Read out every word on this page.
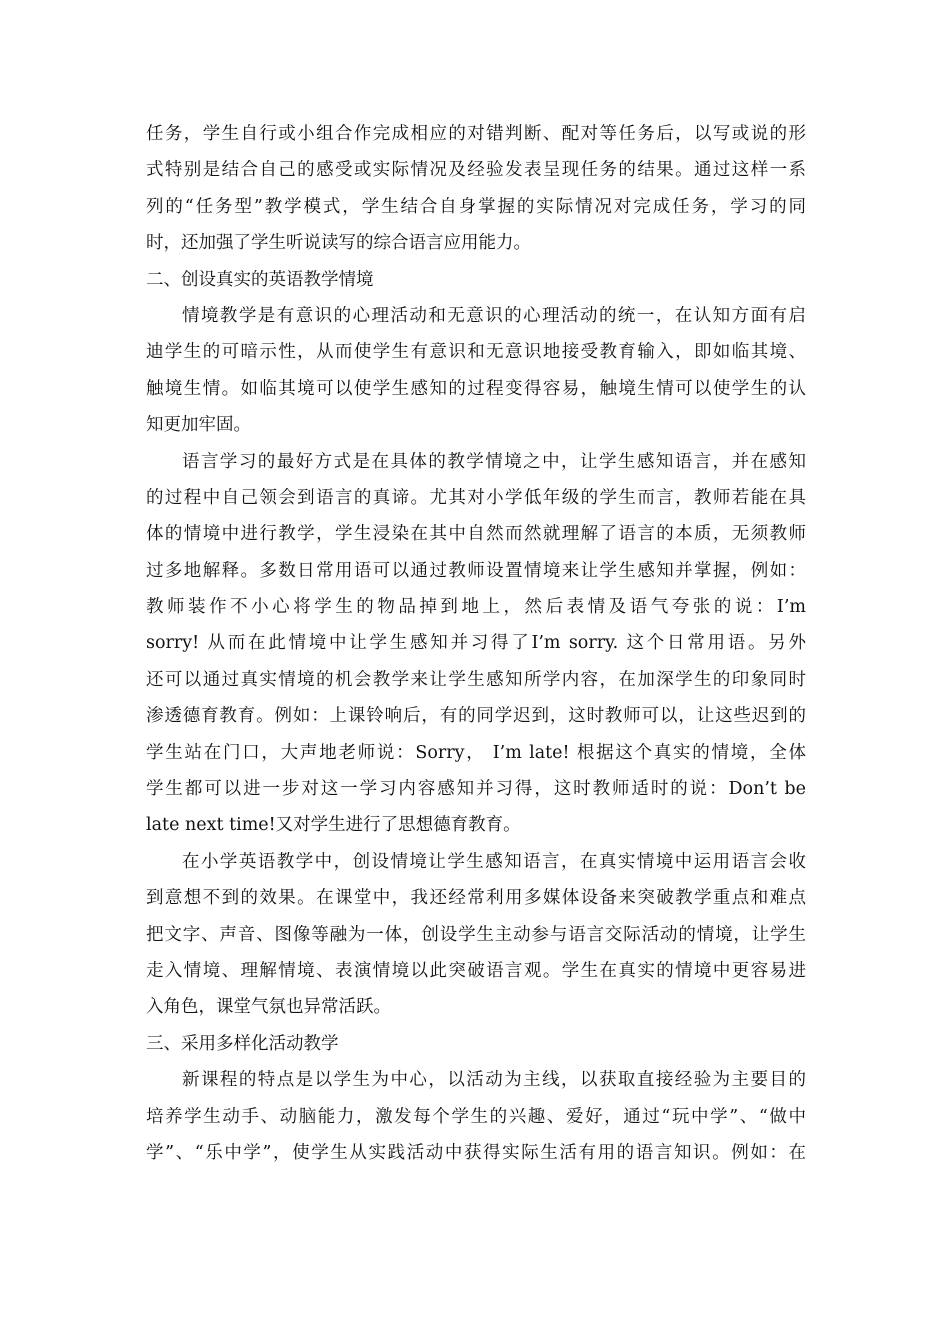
任务，学生自行或小组合作完成相应的对错判断、配对等任务后，以写或说的形
式特别是结合自己的感受或实际情况及经验发表呈现任务的结果。通过这样一系
列的“任务型”教学模式，学生结合自身掌握的实际情况对完成任务，学习的同
时，还加强了学生听说读写的综合语言应用能力。
二、创设真实的英语教学情境
情境教学是有意识的心理活动和无意识的心理活动的统一，在认知方面有启
迪学生的可暗示性，从而使学生有意识和无意识地接受教育输入，即如临其境、
触境生情。如临其境可以使学生感知的过程变得容易，触境生情可以使学生的认
知更加牢固。
语言学习的最好方式是在具体的教学情境之中，让学生感知语言，并在感知
的过程中自己领会到语言的真谛。尤其对小学低年级的学生而言，教师若能在具
体的情境中进行教学，学生浸染在其中自然而然就理解了语言的本质，无须教师
过多地解释。多数日常用语可以通过教师设置情境来让学生感知并掌握，例如：
教师装作不小心将学生的物品掉到地上，然后表情及语气夸张的说：I’m
sorry! 从而在此情境中让学生感知并习得了I’m sorry. 这个日常用语。另外
还可以通过真实情境的机会教学来让学生感知所学内容，在加深学生的印象同时
渗透德育教育。例如：上课铃响后，有的同学迟到，这时教师可以，让这些迟到的
学生站在门口，大声地老师说：Sorry， I’m late! 根据这个真实的情境，全体
学生都可以进一步对这一学习内容感知并习得，这时教师适时的说：Don’t be
late next time!又对学生进行了思想德育教育。
在小学英语教学中，创设情境让学生感知语言，在真实情境中运用语言会收
到意想不到的效果。在课堂中，我还经常利用多媒体设备来突破教学重点和难点
把文字、声音、图像等融为一体，创设学生主动参与语言交际活动的情境，让学生
走入情境、理解情境、表演情境以此突破语言观。学生在真实的情境中更容易进
入角色，课堂气氛也异常活跃。
三、采用多样化活动教学
新课程的特点是以学生为中心，以活动为主线，以获取直接经验为主要目的
培养学生动手、动脑能力，激发每个学生的兴趣、爱好，通过“玩中学”、“做中
学”、“乐中学”，使学生从实践活动中获得实际生活有用的语言知识。例如：在
